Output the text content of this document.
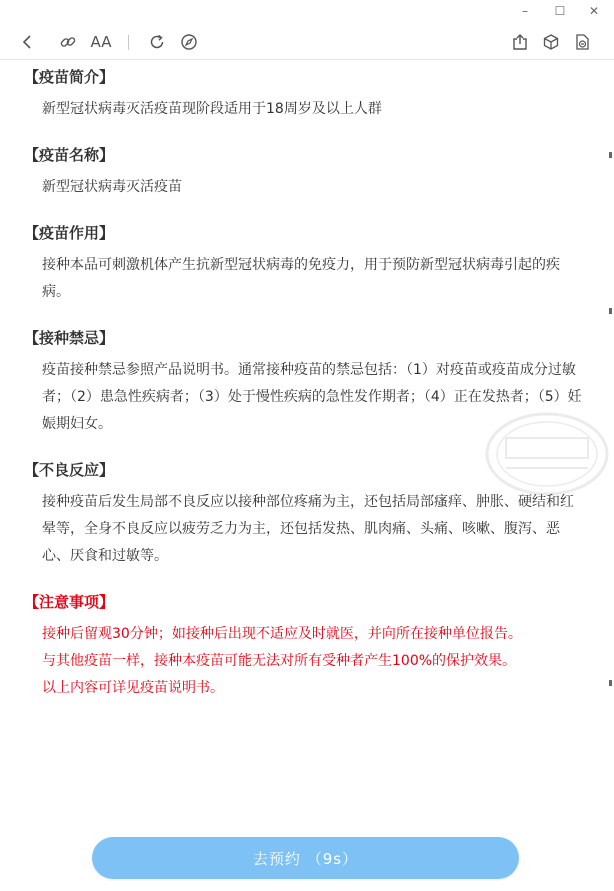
–	☐	✕
AA
【疫苗简介】

新型冠状病毒灭活疫苗现阶段适用于18周岁及以上人群

【疫苗名称】

新型冠状病毒灭活疫苗

【疫苗作用】

接种本品可刺激机体产生抗新型冠状病毒的免疫力，用于预防新型冠状病毒引起的疾病。

【接种禁忌】

疫苗接种禁忌参照产品说明书。通常接种疫苗的禁忌包括：（1）对疫苗或疫苗成分过敏者；（2）患急性疾病者；（3）处于慢性疾病的急性发作期者；（4）正在发热者；（5）妊娠期妇女。

【不良反应】

接种疫苗后发生局部不良反应以接种部位疼痛为主，还包括局部瘙痒、肿胀、硬结和红晕等，全身不良反应以疲劳乏力为主，还包括发热、肌肉痛、头痛、咳嗽、腹泻、恶心、厌食和过敏等。

【注意事项】

接种后留观30分钟；如接种后出现不适应及时就医，并向所在接种单位报告。

与其他疫苗一样，接种本疫苗可能无法对所有受种者产生100%的保护效果。

以上内容可详见疫苗说明书。

去预约 （9s）
